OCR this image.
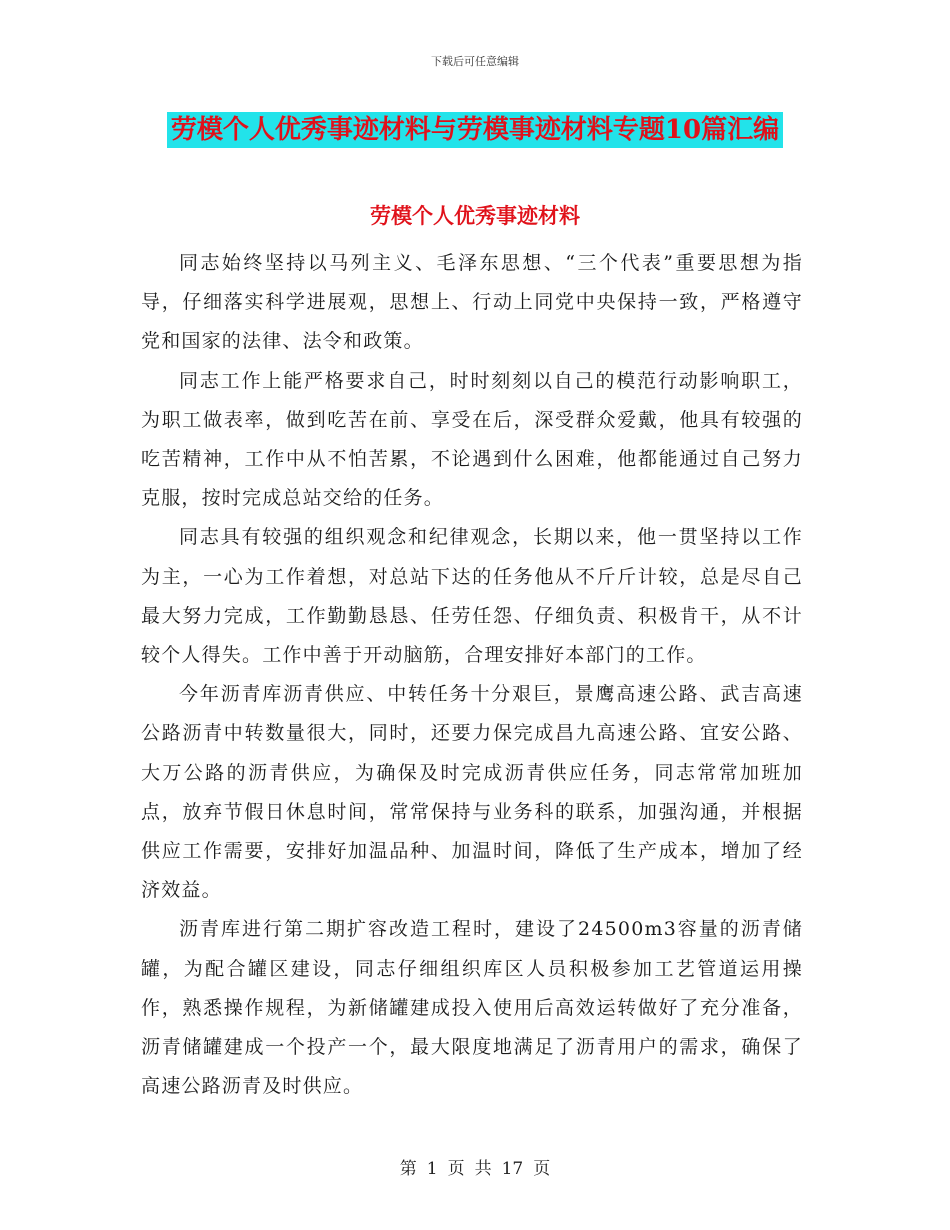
下载后可任意编辑
劳模个人优秀事迹材料与劳模事迹材料专题10篇汇编
劳模个人优秀事迹材料

同志始终坚持以马列主义、毛泽东思想、“三个代表”重要思想为指导，仔细落实科学进展观，思想上、行动上同党中央保持一致，严格遵守党和国家的法律、法令和政策。

同志工作上能严格要求自己，时时刻刻以自己的模范行动影响职工，为职工做表率，做到吃苦在前、享受在后，深受群众爱戴，他具有较强的吃苦精神，工作中从不怕苦累，不论遇到什么困难，他都能通过自己努力克服，按时完成总站交给的任务。

同志具有较强的组织观念和纪律观念，长期以来，他一贯坚持以工作为主，一心为工作着想，对总站下达的任务他从不斤斤计较，总是尽自己最大努力完成，工作勤勤恳恳、任劳任怨、仔细负责、积极肯干，从不计较个人得失。工作中善于开动脑筋，合理安排好本部门的工作。

今年沥青库沥青供应、中转任务十分艰巨，景鹰高速公路、武吉高速公路沥青中转数量很大，同时，还要力保完成昌九高速公路、宜安公路、大万公路的沥青供应，为确保及时完成沥青供应任务，同志常常加班加点，放弃节假日休息时间，常常保持与业务科的联系，加强沟通，并根据供应工作需要，安排好加温品种、加温时间，降低了生产成本，增加了经济效益。

沥青库进行第二期扩容改造工程时，建设了24500m3容量的沥青储罐，为配合罐区建设，同志仔细组织库区人员积极参加工艺管道运用操作，熟悉操作规程，为新储罐建成投入使用后高效运转做好了充分准备，沥青储罐建成一个投产一个，最大限度地满足了沥青用户的需求，确保了高速公路沥青及时供应。

第 1 页 共 17 页
